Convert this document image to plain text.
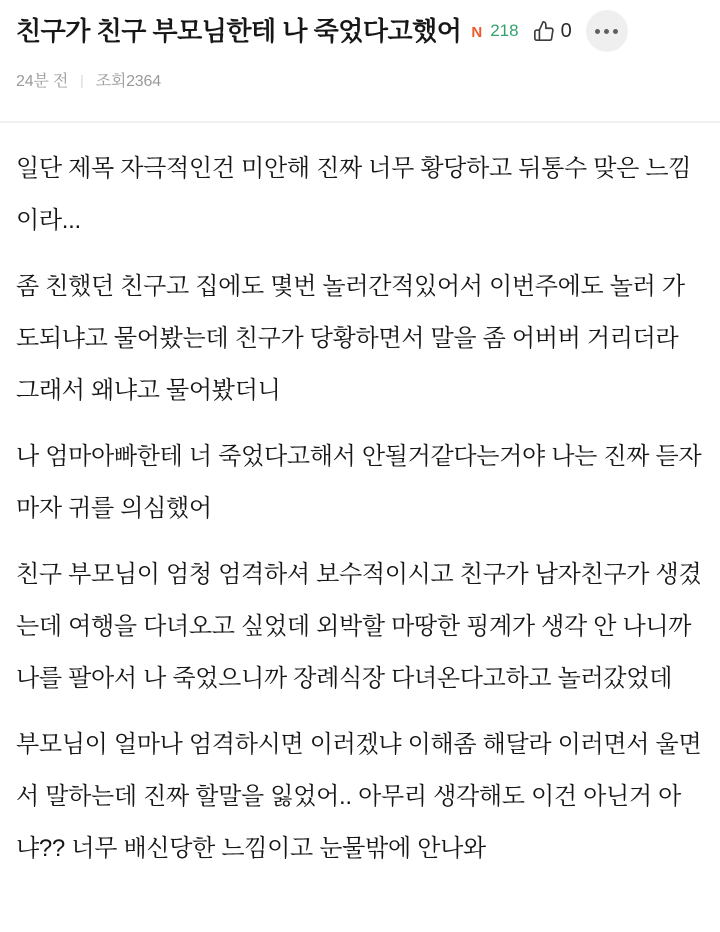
친구가 친구 부모님한테 나 죽었다고했어 N 218 0
24분 전 | 조회2364

일단 제목 자극적인건 미안해 진짜 너무 황당하고 뒤통수 맞은 느낌이라...

좀 친했던 친구고 집에도 몇번 놀러간적있어서 이번주에도 놀러 가도되냐고 물어봤는데 친구가 당황하면서 말을 좀 어버버 거리더라 그래서 왜냐고 물어봤더니

나 엄마아빠한테 너 죽었다고해서 안될거같다는거야 나는 진짜 듣자마자 귀를 의심했어

친구 부모님이 엄청 엄격하셔 보수적이시고 친구가 남자친구가 생겼는데 여행을 다녀오고 싶었데 외박할 마땅한 핑계가 생각 안 나니까 나를 팔아서 나 죽었으니까 장례식장 다녀온다고하고 놀러갔었데

부모님이 얼마나 엄격하시면 이러겠냐 이해좀 해달라 이러면서 울면서 말하는데 진짜 할말을 잃었어.. 아무리 생각해도 이건 아닌거 아냐?? 너무 배신당한 느낌이고 눈물밖에 안나와
